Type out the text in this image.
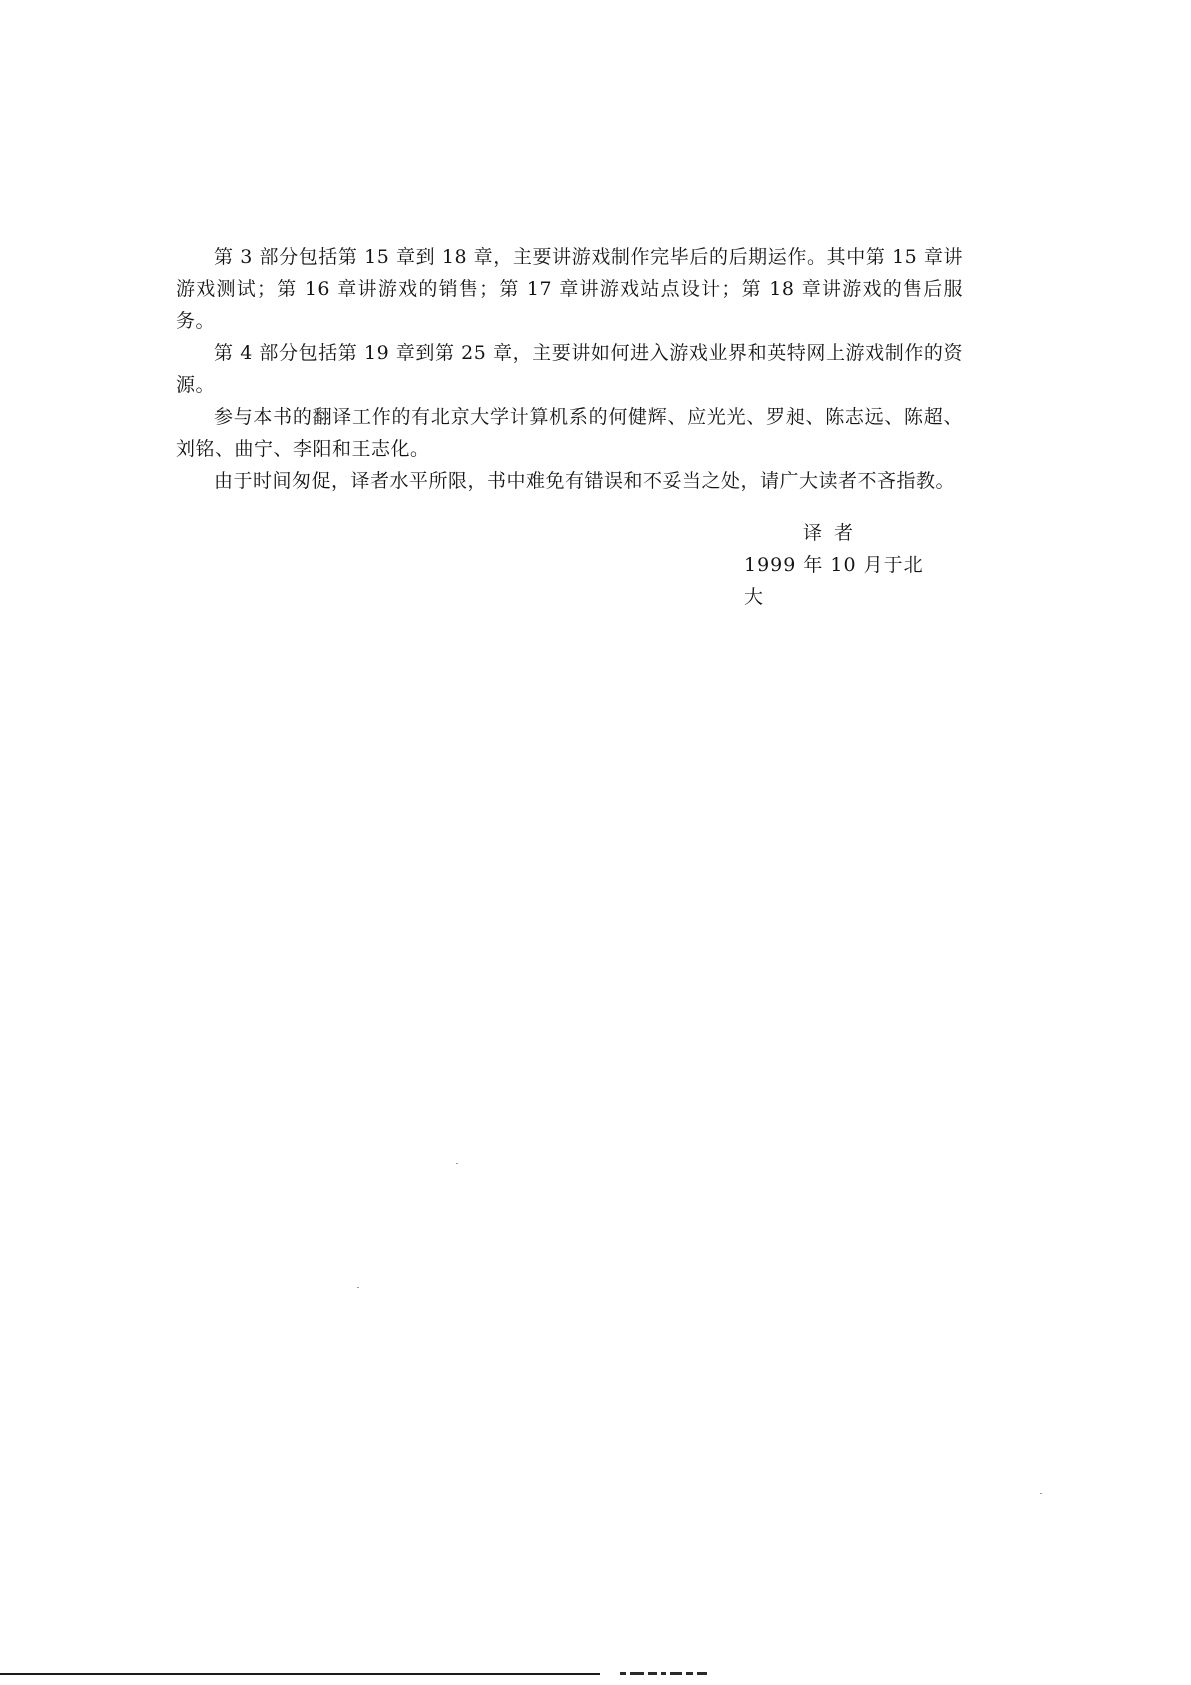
第 3 部分包括第 15 章到 18 章，主要讲游戏制作完毕后的后期运作。其中第 15 章讲游戏测试；第 16 章讲游戏的销售；第 17 章讲游戏站点设计；第 18 章讲游戏的售后服务。

第 4 部分包括第 19 章到第 25 章，主要讲如何进入游戏业界和英特网上游戏制作的资源。

参与本书的翻译工作的有北京大学计算机系的何健辉、应光光、罗昶、陈志远、陈超、刘铭、曲宁、李阳和王志化。

由于时间匆促，译者水平所限，书中难免有错误和不妥当之处，请广大读者不吝指教。

译者
1999 年 10 月于北大
